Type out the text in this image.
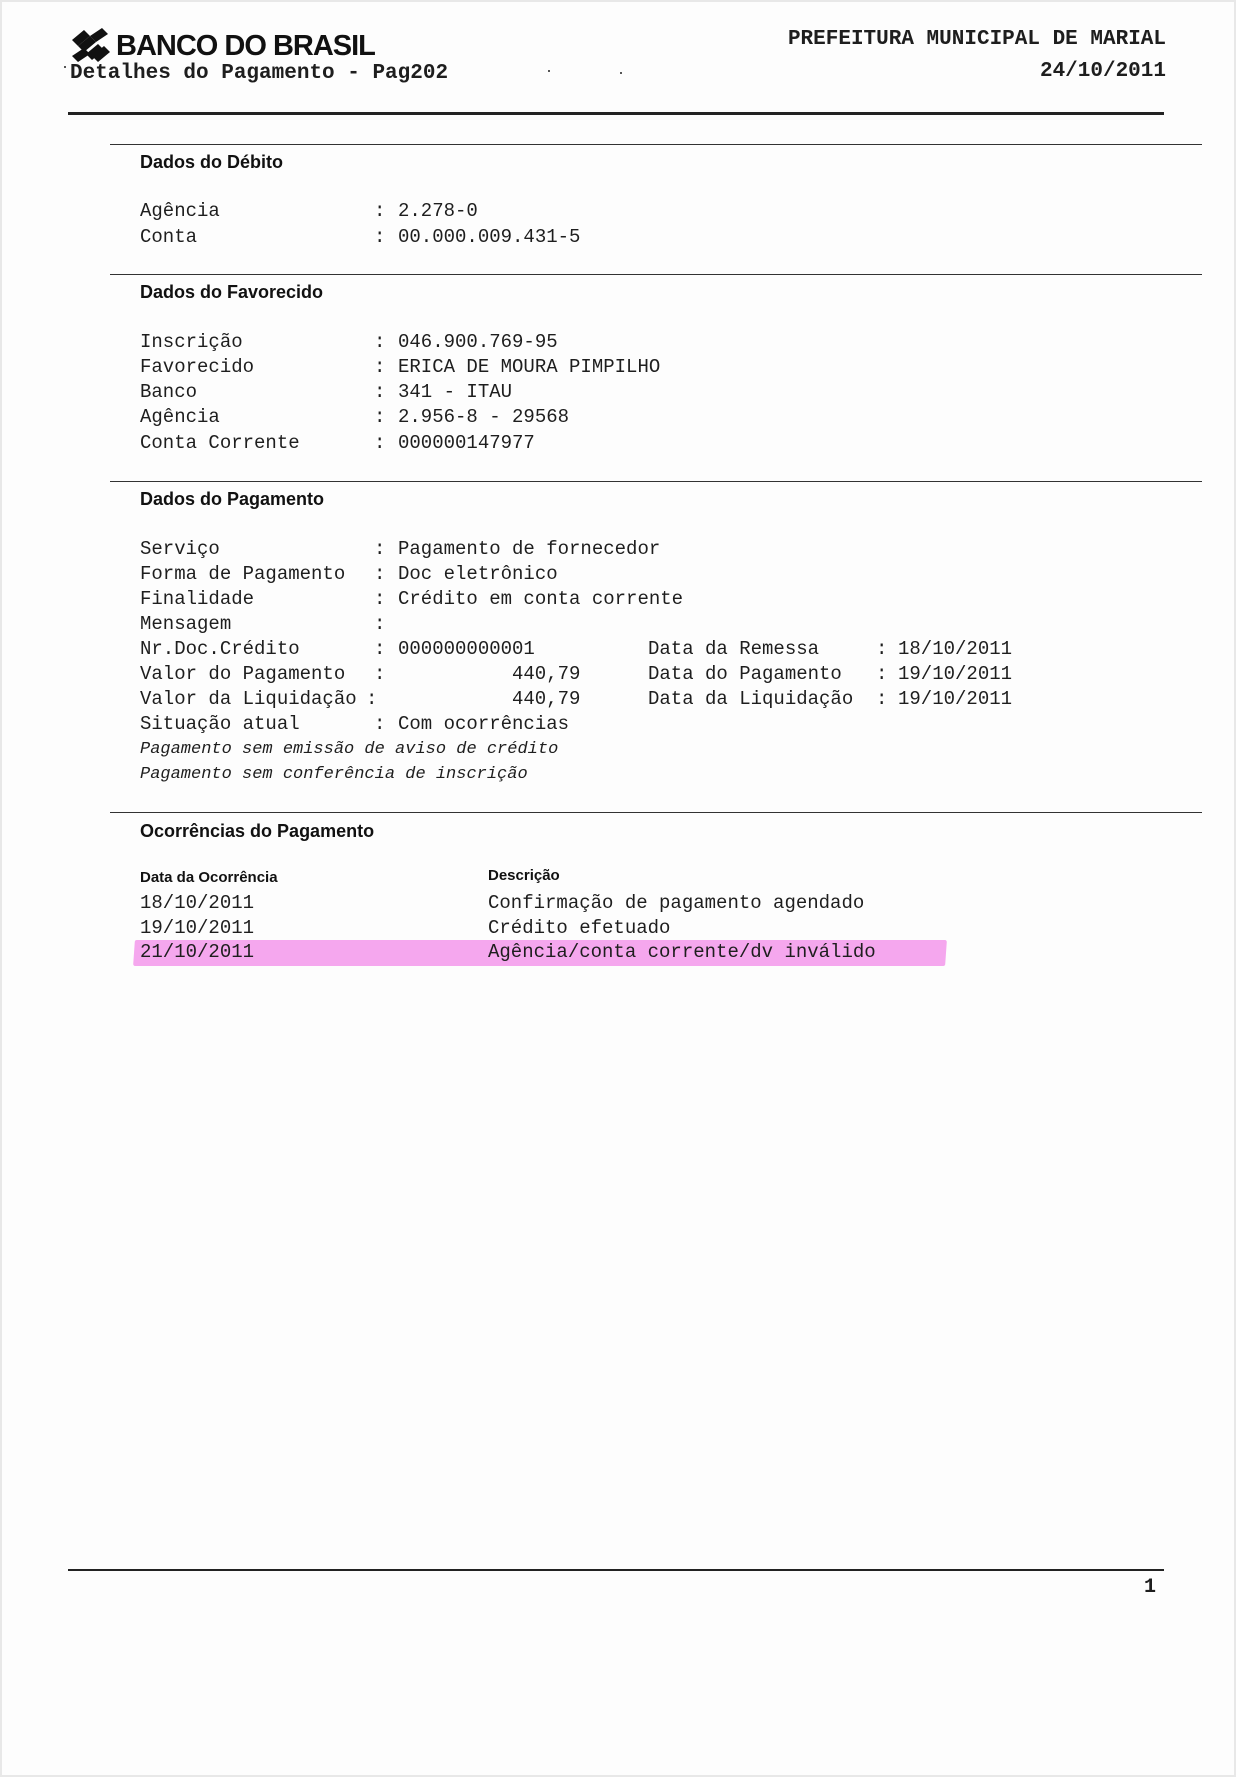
BANCO DO BRASIL
Detalhes do Pagamento - Pag202
PREFEITURA MUNICIPAL DE MARIAL
24/10/2011
Dados do Débito
Agência	: 2.278-0
Conta	: 00.000.009.431-5
Dados do Favorecido
Inscrição	: 046.900.769-95
Favorecido	: ERICA DE MOURA PIMPILHO
Banco	: 341 - ITAU
Agência	: 2.956-8 - 29568
Conta Corrente	: 000000147977
Dados do Pagamento
Serviço	: Pagamento de fornecedor
Forma de Pagamento : Doc eletrônico
Finalidade	: Crédito em conta corrente
Mensagem	:
Nr.Doc.Crédito	: 000000000001	Data da Remessa	: 18/10/2011
Valor do Pagamento :	440,79	Data do Pagamento : 19/10/2011
Valor da Liquidação :	440,79	Data da Liquidação : 19/10/2011
Situação atual	: Com ocorrências
Pagamento sem emissão de aviso de crédito
Pagamento sem conferência de inscrição
Ocorrências do Pagamento
Data da Ocorrência	Descrição
18/10/2011	Confirmação de pagamento agendado
19/10/2011	Crédito efetuado
21/10/2011	Agência/conta corrente/dv inválido
1
